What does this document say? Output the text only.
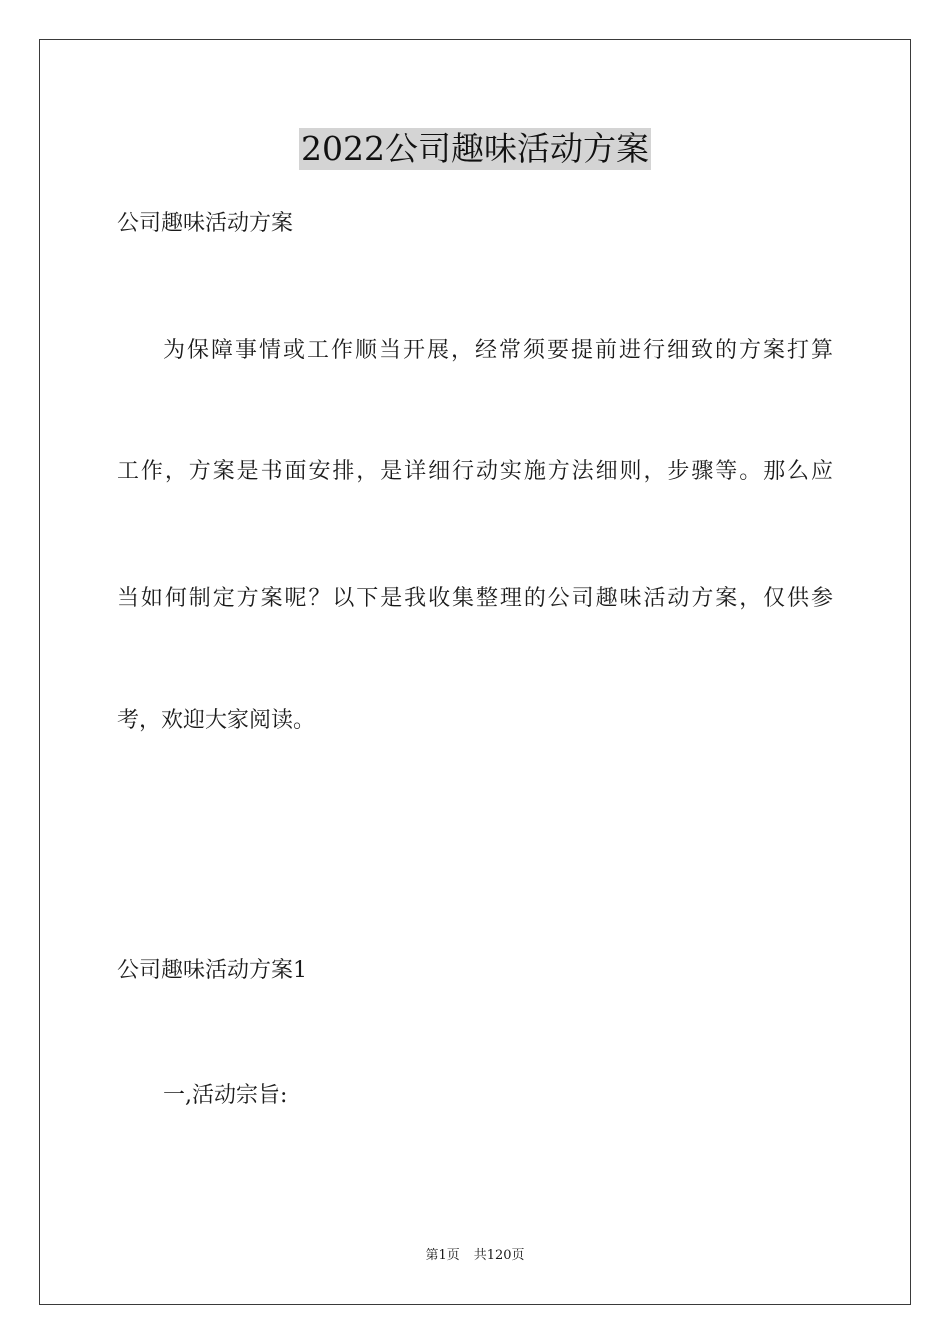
2022公司趣味活动方案
公司趣味活动方案
为保障事情或工作顺当开展，经常须要提前进行细致的方案打算
工作，方案是书面安排，是详细行动实施方法细则，步骤等。那么应
当如何制定方案呢？以下是我收集整理的公司趣味活动方案，仅供参
考，欢迎大家阅读。
公司趣味活动方案1
一,活动宗旨:
第1页 共120页
